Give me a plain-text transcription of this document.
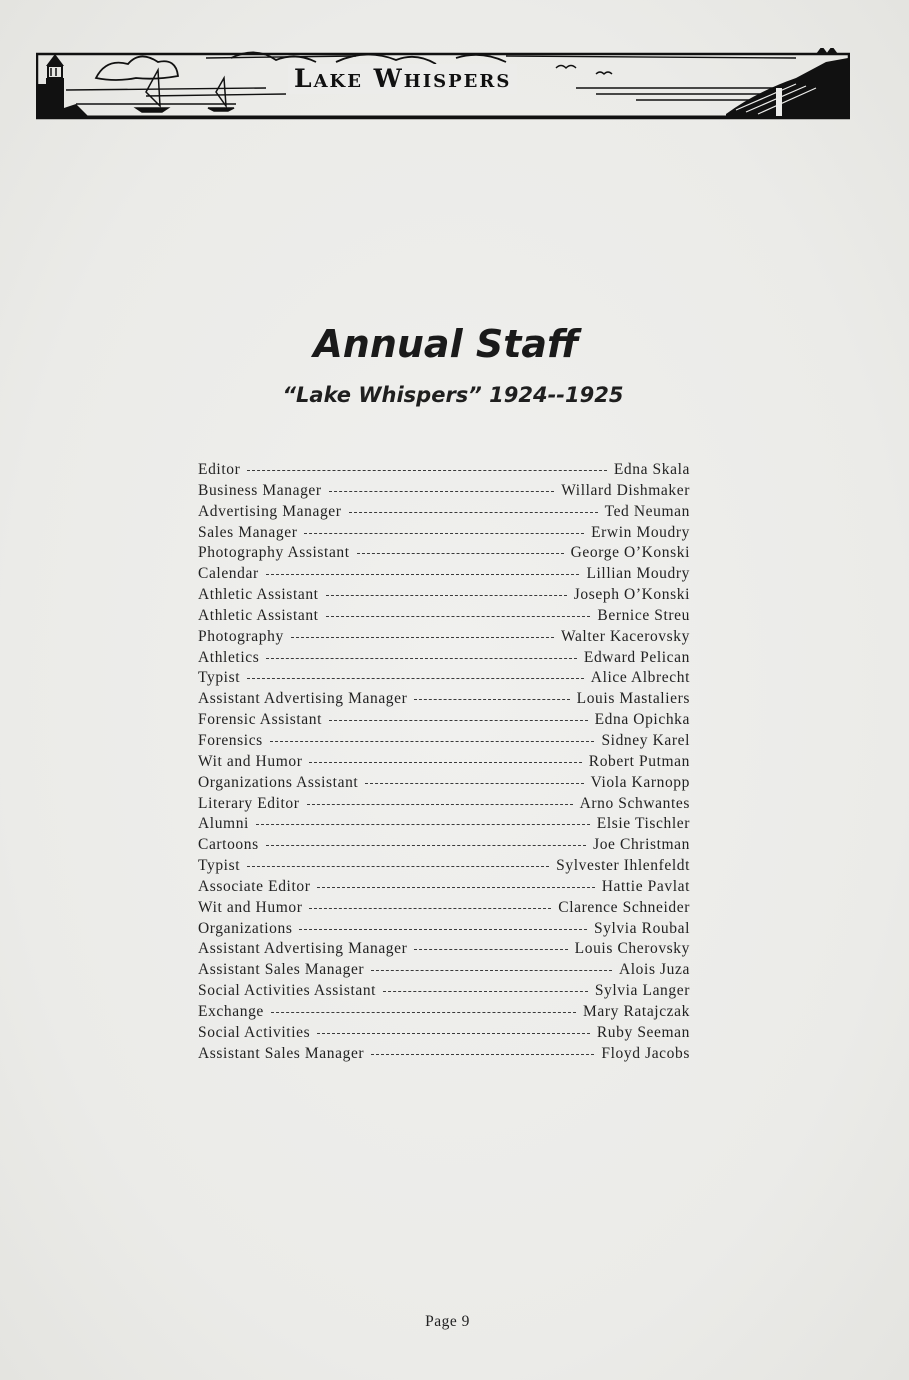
Lake Whispers
Annual Staff
“Lake Whispers” 1924--1925
Editor	Edna Skala
Business Manager	Willard Dishmaker
Advertising Manager	Ted Neuman
Sales Manager	Erwin Moudry
Photography Assistant	George O’Konski
Calendar	Lillian Moudry
Athletic Assistant	Joseph O’Konski
Athletic Assistant	Bernice Streu
Photography	Walter Kacerovsky
Athletics	Edward Pelican
Typist	Alice Albrecht
Assistant Advertising Manager	Louis Mastaliers
Forensic Assistant	Edna Opichka
Forensics	Sidney Karel
Wit and Humor	Robert Putman
Organizations Assistant	Viola Karnopp
Literary Editor	Arno Schwantes
Alumni	Elsie Tischler
Cartoons	Joe Christman
Typist	Sylvester Ihlenfeldt
Associate Editor	Hattie Pavlat
Wit and Humor	Clarence Schneider
Organizations	Sylvia Roubal
Assistant Advertising Manager	Louis Cherovsky
Assistant Sales Manager	Alois Juza
Social Activities Assistant	Sylvia Langer
Exchange	Mary Ratajczak
Social Activities	Ruby Seeman
Assistant Sales Manager	Floyd Jacobs
Page 9
